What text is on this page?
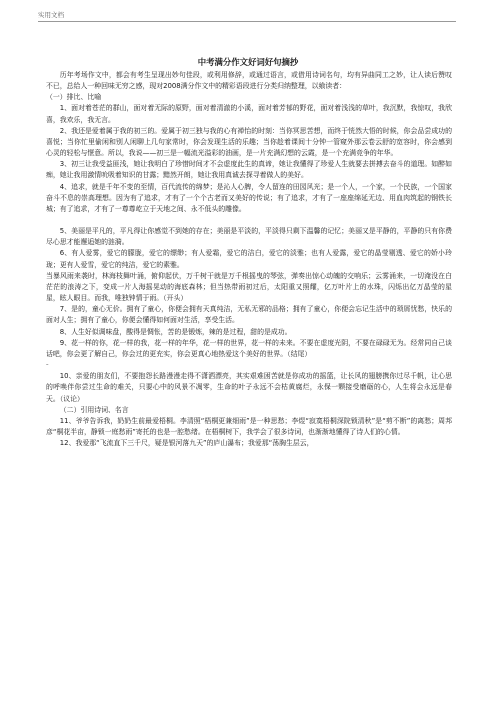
实用文档
中考满分作文好词好句摘抄

历年考场作文中，都会有考生呈现出妙句佳段，或利用修辞，或通过语言，或借用诗词名句，均有异曲同工之妙，让人读后赞叹不已，总给人一种回味无穷之感，现对2008满分作文中的精彩语段进行分类归纳整理，以飨读者：

（一）排比、比喻

1、面对着苍茫的群山，面对着无际的原野，面对着清澈的小溪，面对着芳郁的野花，面对着浅浅的草叶，我沉默，我惊叹，我欣喜，我欢乐，我无言。

2、我还是爱着属于我的初三的。爱属于初三独与我的心有禅怡的时刻：当你冥思苦想，而终于恍然大悟的时候，你会品尝成功的喜悦；当你忙里偷闲和别人闲聊上几句家常时，你会发现生活的乐趣；当你趁着课间十分钟一管窥外那云卷云舒的宽容时，你会感到心灵的轻松与惬意。所以，我说——初三是一幅流光溢彩的油画，是一片充满幻想的云霞，是一个充满竞争的年华。

3、初三让我受益匪浅，她让我明白了珍惜时间才不会虚度此生的真谛，她让我懂得了珍爱人生就要去拼搏去奋斗的道理。如醉如痴，她让我用激情吮吸着知识的甘露；黯然开朗，她让我用真诚去探寻着做人的美好。

4、追求，就是千年不变的至情，百代流传的绵梦；是沁人心脾，令人留连的田园风光；是一个人，一个家，一个民族，一个国家奋斗不息的崇高理想。因为有了追求，才有了一个个古老而又美好的传说；有了追求，才有了一座座绵延无边、用血肉筑起的钢铁长城；有了追求，才有了一尊尊屹立于天地之间、永不低头的雕像。

5、美丽是平凡的，平凡得让你感觉不到她的存在；美丽是平淡的，平淡得只剩下温馨的记忆；美丽又是平静的，平静的只有你费尽心思才能邂逅她的涟漪。

6、有人爱雾，爱它的朦胧，爱它的缥缈；有人爱霜，爱它的洁白，爱它的淡雅；也有人爱露，爱它的晶莹剔透、爱它的娇小玲珑；更有人爱雪，爱它的纯洁，爱它的素雅。

当暴风雨来袭时，林海枝舞叶涌，俯仰起伏，万千树干就是万千根摇曳的琴弦，弹奏出惊心动魄的交响乐；云雾涌来，一切淹没在白茫茫的浪涛之下，变成一片人海摇晃动的海底森林；但当热带雨初过后，太阳重又照耀，亿万叶片上的水珠，闪烁出亿万晶莹的星星，眩人眼目。而我，唯独钟情于雨。（开头）

7、是的，童心无价。拥有了童心，你便会拥有天真纯洁，无私无邪的品格；拥有了童心，你便会忘记生活中的琐屑忧愁，快乐的面对人生；拥有了童心，你便会懂得如何面对生活，享受生活。

8、人生好似调味盘，酸得是惆怅，苦的是锻炼，辣的是过程，甜的是成功。

9、花一样的你，花一样的我，花一样的年华，花一样的世界，花一样的未来。不要在虚度光阴，不要在碌碌无为。经常同自己谈话吧，你会更了解自己，你会过的更充实，你会更真心地热爱这个美好的世界。（结尾）

–

10、亲爱的朋友们，不要抱怨长路漫漫走得不潇洒漂亮，其实艰难困苦就是你成功的摇篮，让长风的翅膀携你过尽千帆，让心思的呼唤伴你尝过生命的难关，只要心中的风景不凋零，生命的叶子永远不会枯黄腐烂，永保一颗接受磨砺的心，人生将会永远是春天。（议论）

（二）引用诗词、名言

11、爷爷告诉我，奶奶生前最爱梧桐。李清照“梧桐更兼细雨”是一种思愁；李煜“寂寞梧桐深院锁清秋”是“剪不断”的离愁；周邦彦“桐花半亩，静锁一庭愁雨”寄托的也是一腔愁绪。在梧桐树下，我学会了很多诗词，也渐渐地懂得了诗人们的心情。

12、我爱那“飞流直下三千尺，疑是银河落九天”的庐山瀑布；我爱那“荡胸生层云，
